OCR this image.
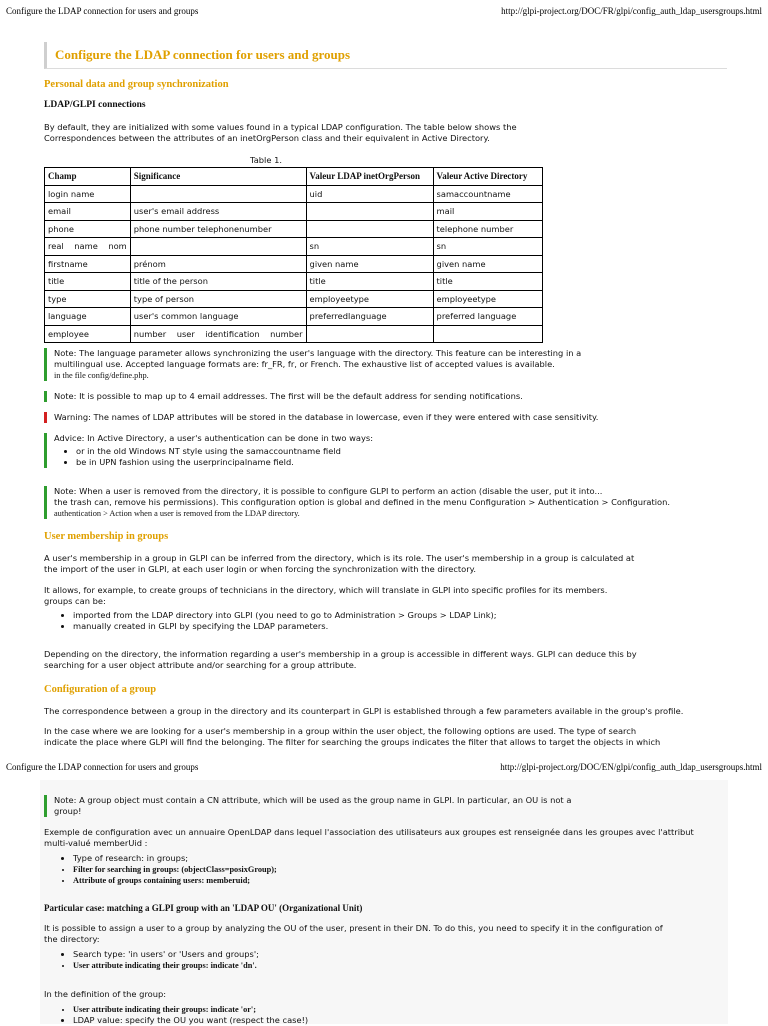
Configure the LDAP connection for users and groups	http://glpi-project.org/DOC/FR/glpi/config_auth_ldap_usersgroups.html
Configure the LDAP connection for users and groups
Personal data and group synchronization
LDAP/GLPI connections

By default, they are initialized with some values found in a typical LDAP configuration. The table below shows the

Correspondences between the attributes of an inetOrgPerson class and their equivalent in Active Directory.

Table 1.
Champ	Significance	Valeur LDAP inetOrgPerson	Valeur Active Directory
login name		uid	samaccountname
email	user's email address		mail
phone	phone number telephonenumber		telephone number
real    name    nom		sn	sn
firstname	prénom	given name	given name
title	title of the person	title	title
type	type of person	employeetype	employeetype
language	user's common language	preferredlanguage	preferred language
employee	number    user    identification    number		
Note: The language parameter allows synchronizing the user's language with the directory. This feature can be interesting in a
multilingual use. Accepted language formats are: fr_FR, fr, or French. The exhaustive list of accepted values is available.
in the file config/define.php.
Note: It is possible to map up to 4 email addresses. The first will be the default address for sending notifications.
Warning: The names of LDAP attributes will be stored in the database in lowercase, even if they were entered with case sensitivity.
Advice: In Active Directory, a user's authentication can be done in two ways:
• or in the old Windows NT style using the samaccountname field
• be in UPN fashion using the userprincipalname field.
Note: When a user is removed from the directory, it is possible to configure GLPI to perform an action (disable the user, put it into...
the trash can, remove his permissions). This configuration option is global and defined in the menu Configuration > Authentication > Configuration.
authentication > Action when a user is removed from the LDAP directory.
User membership in groups

A user's membership in a group in GLPI can be inferred from the directory, which is its role. The user's membership in a group is calculated at

the import of the user in GLPI, at each user login or when forcing the synchronization with the directory.

It allows, for example, to create groups of technicians in the directory, which will translate in GLPI into specific profiles for its members.

groups can be:

• imported from the LDAP directory into GLPI (you need to go to Administration > Groups > LDAP Link);
• manually created in GLPI by specifying the LDAP parameters.

Depending on the directory, the information regarding a user's membership in a group is accessible in different ways. GLPI can deduce this by

searching for a user object attribute and/or searching for a group attribute.

Configuration of a group

The correspondence between a group in the directory and its counterpart in GLPI is established through a few parameters available in the group's profile.

In the case where we are looking for a user's membership in a group within the user object, the following options are used. The type of search

indicate the place where GLPI will find the belonging. The filter for searching the groups indicates the filter that allows to target the objects in which

Configure the LDAP connection for users and groups	http://glpi-project.org/DOC/EN/glpi/config_auth_ldap_usersgroups.html
Note: A group object must contain a CN attribute, which will be used as the group name in GLPI. In particular, an OU is not a
group!

Exemple de configuration avec un annuaire OpenLDAP dans lequel l'association des utilisateurs aux groupes est renseignée dans les groupes avec l'attribut

multi-valué memberUid :

• Type of research: in groups;
• Filter for searching in groups: (objectClass=posixGroup);
• Attribute of groups containing users: memberuid;
Particular case: matching a GLPI group with an 'LDAP OU' (Organizational Unit)

It is possible to assign a user to a group by analyzing the OU of the user, present in their DN. To do this, you need to specify it in the configuration of

the directory:

• Search type: 'in users' or 'Users and groups';
• User attribute indicating their groups: indicate 'dn'.

In the definition of the group:

• User attribute indicating their groups: indicate 'or';
• LDAP value: specify the OU you want (respect the case!)
